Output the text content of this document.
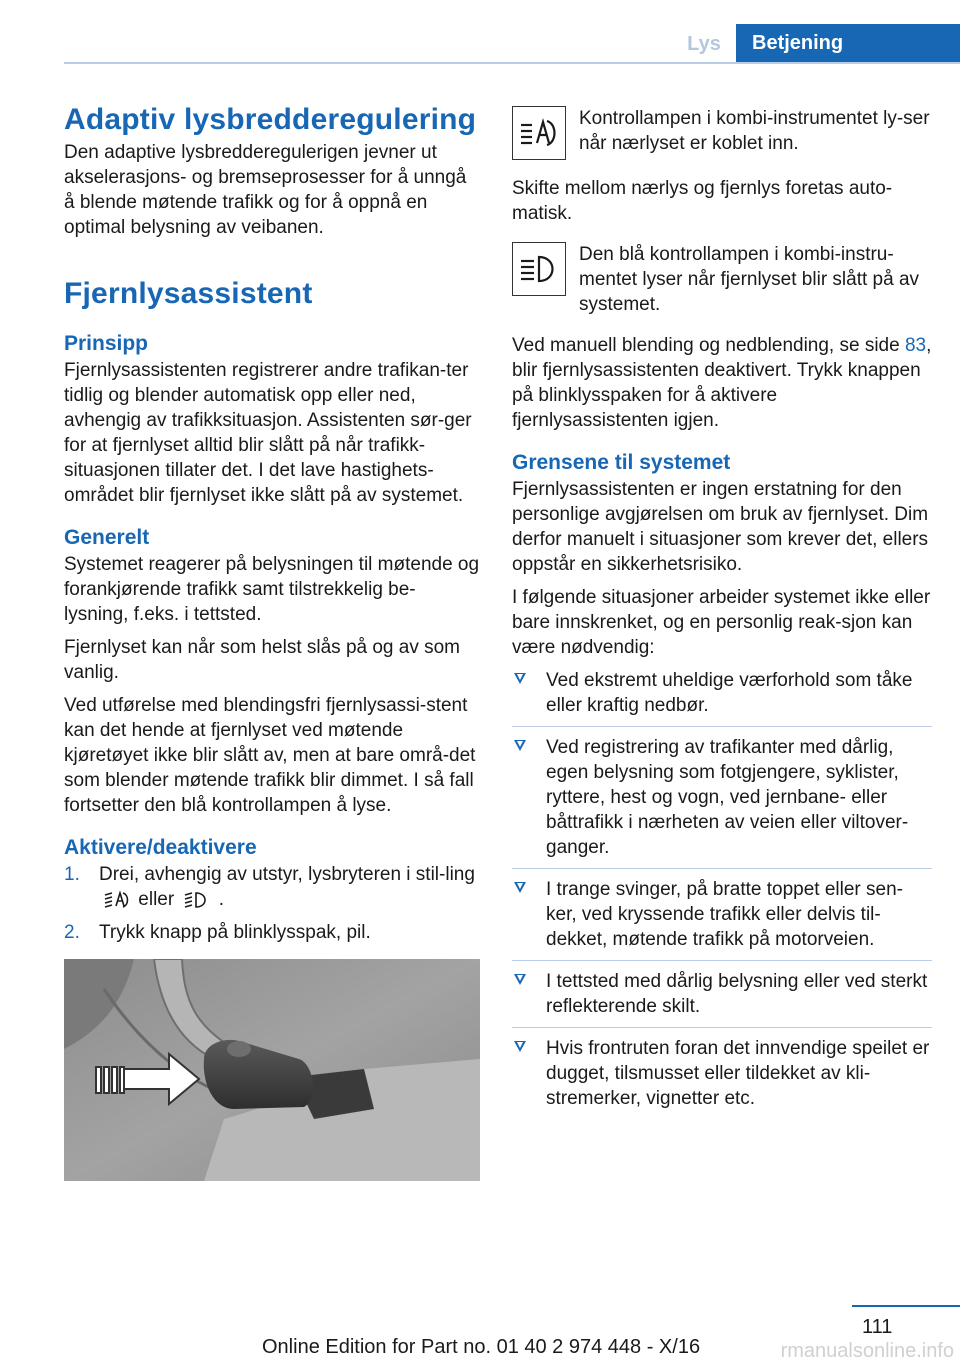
Lys	Betjening
Adaptiv lysbredderegulering

Den adaptive lysbredderegulerigen jevner ut akselerasjons- og bremseprosesser for å unngå å blende møtende trafikk og for å oppnå en optimal belysning av veibanen.

Fjernlysassistent
Prinsipp

Fjernlysassistenten registrerer andre trafikan-ter tidlig og blender automatisk opp eller ned, avhengig av trafikksituasjon. Assistenten sør-ger for at fjernlyset alltid blir slått på når trafikk-situasjonen tillater det. I det lave hastighets-området blir fjernlyset ikke slått på av systemet.

Generelt

Systemet reagerer på belysningen til møtende og forankjørende trafikk samt tilstrekkelig be-lysning, f.eks. i tettsted.

Fjernlyset kan når som helst slås på og av som vanlig.

Ved utførelse med blendingsfri fjernlysassi-stent kan det hende at fjernlyset ved møtende kjøretøyet ikke blir slått av, men at bare områ-det som blender møtende trafikk blir dimmet. I så fall fortsetter den blå kontrollampen å lyse.

Aktivere/deaktivere
1. Drei, avhengig av utstyr, lysbryteren i stil-ling  eller .
2. Trykk knapp på blinklysspak, pil.
Kontrollampen i kombi-instrumentet ly-ser når nærlyset er koblet inn.

Skifte mellom nærlys og fjernlys foretas auto-matisk.

Den blå kontrollampen i kombi-instru-mentet lyser når fjernlyset blir slått på av systemet.

Ved manuell blending og nedblending, se side 83, blir fjernlysassistenten deaktivert. Trykk knappen på blinklysspaken for å aktivere fjernlysassistenten igjen.

Grensene til systemet

Fjernlysassistenten er ingen erstatning for den personlige avgjørelsen om bruk av fjernlyset. Dim derfor manuelt i situasjoner som krever det, ellers oppstår en sikkerhetsrisiko.

I følgende situasjoner arbeider systemet ikke eller bare innskrenket, og en personlig reak-sjon kan være nødvendig:

Ved ekstremt uheldige værforhold som tåke eller kraftig nedbør.
Ved registrering av trafikanter med dårlig, egen belysning som fotgjengere, syklister, ryttere, hest og vogn, ved jernbane- eller båttrafikk i nærheten av veien eller viltover-ganger.
I trange svinger, på bratte toppet eller sen-ker, ved kryssende trafikk eller delvis til-dekket, møtende trafikk på motorveien.
I tettsted med dårlig belysning eller ved sterkt reflekterende skilt.
Hvis frontruten foran det innvendige speilet er dugget, tilsmusset eller tildekket av kli-stremerker, vignetter etc.
111
Online Edition for Part no. 01 40 2 974 448 - X/16	rmanualsonline.info
